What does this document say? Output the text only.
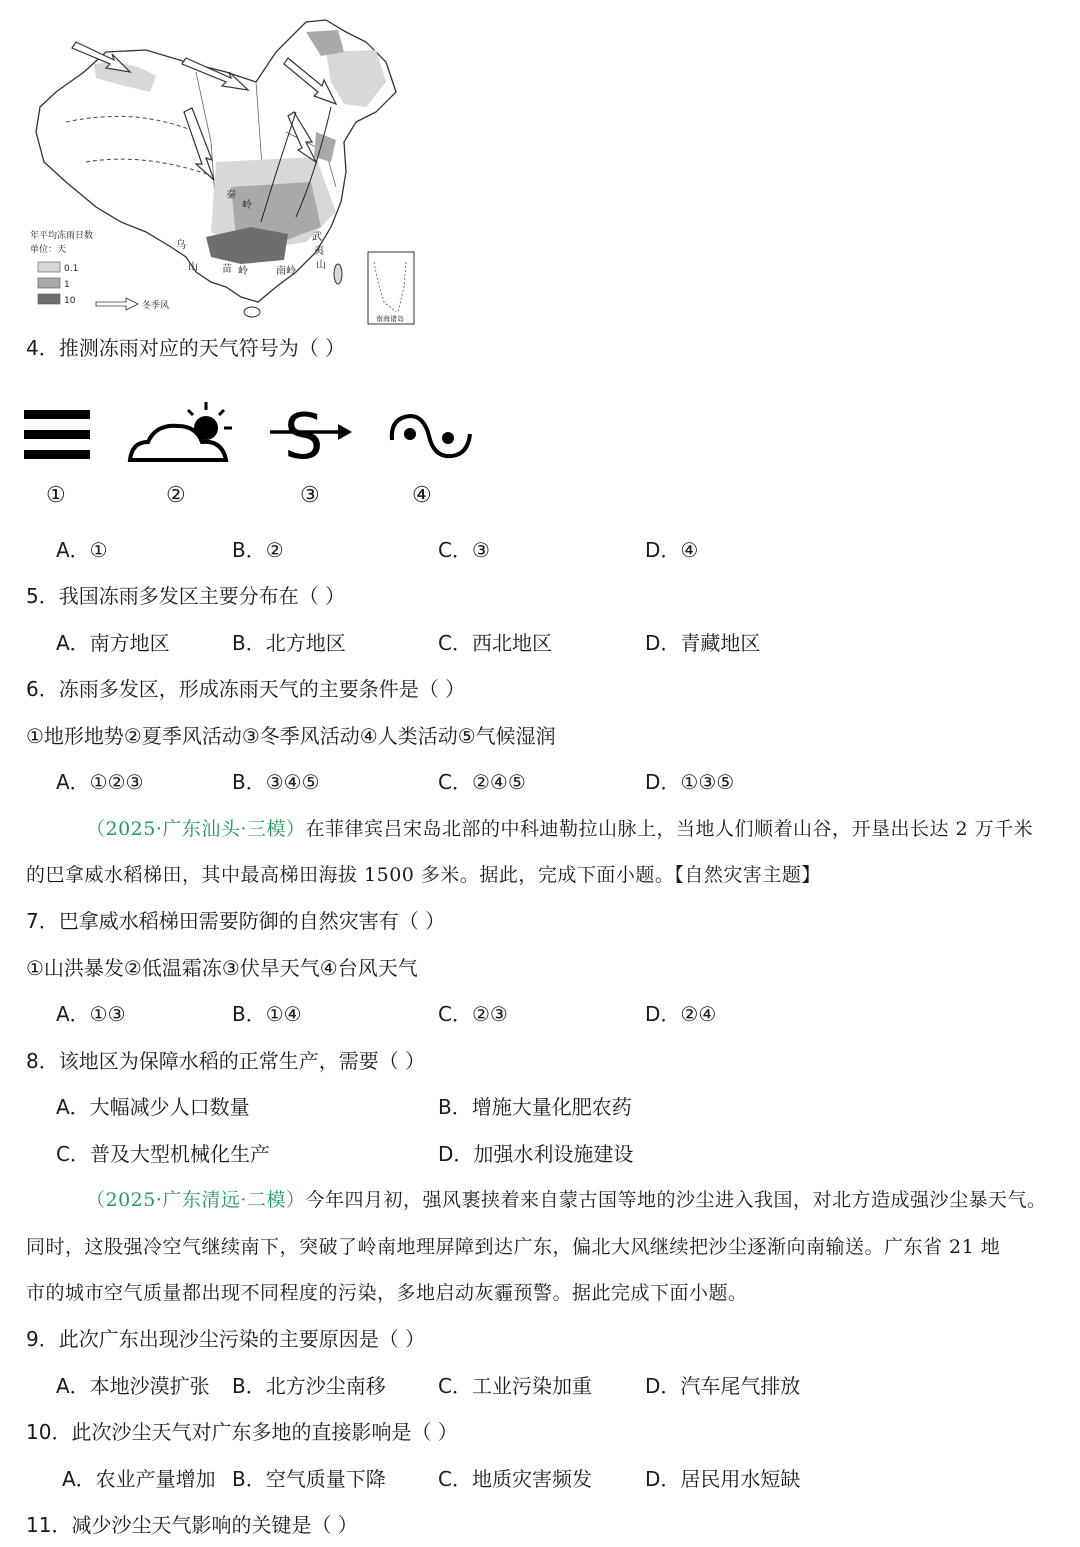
秦
岭
乌
山 苗 岭	南岭
武
夷
山
年平均冻雨日数
单位：天
0.1
1
10	冬季风
南海诸岛
4．推测冻雨对应的天气符号为（ ）
S
①	②	③	④
A．①	B．②	C．③	D．④
5．我国冻雨多发区主要分布在（ ）
A．南方地区	B．北方地区	C．西北地区	D．青藏地区
6．冻雨多发区，形成冻雨天气的主要条件是（ ）
①地形地势②夏季风活动③冬季风活动④人类活动⑤气候湿润
A．①②③	B．③④⑤	C．②④⑤	D．①③⑤
（2025·广东汕头·三模）在菲律宾吕宋岛北部的中科迪勒拉山脉上，当地人们顺着山谷，开垦出长达 2 万千米
的巴拿威水稻梯田，其中最高梯田海拔 1500 多米。据此，完成下面小题。【自然灾害主题】
7．巴拿威水稻梯田需要防御的自然灾害有（ ）
①山洪暴发②低温霜冻③伏旱天气④台风天气
A．①③	B．①④	C．②③	D．②④
8．该地区为保障水稻的正常生产，需要（ ）
A．大幅减少人口数量	B．增施大量化肥农药
C．普及大型机械化生产	D．加强水利设施建设
（2025·广东清远·二模）今年四月初，强风裹挟着来自蒙古国等地的沙尘进入我国，对北方造成强沙尘暴天气。
同时，这股强冷空气继续南下，突破了岭南地理屏障到达广东，偏北大风继续把沙尘逐渐向南输送。广东省 21 地
市的城市空气质量都出现不同程度的污染，多地启动灰霾预警。据此完成下面小题。
9．此次广东出现沙尘污染的主要原因是（ ）
A．本地沙漠扩张 B．北方沙尘南移	C．工业污染加重	D．汽车尾气排放
10．此次沙尘天气对广东多地的直接影响是（ ）
A．农业产量增加 B．空气质量下降	C．地质灾害频发	D．居民用水短缺
11．减少沙尘天气影响的关键是（ ）
